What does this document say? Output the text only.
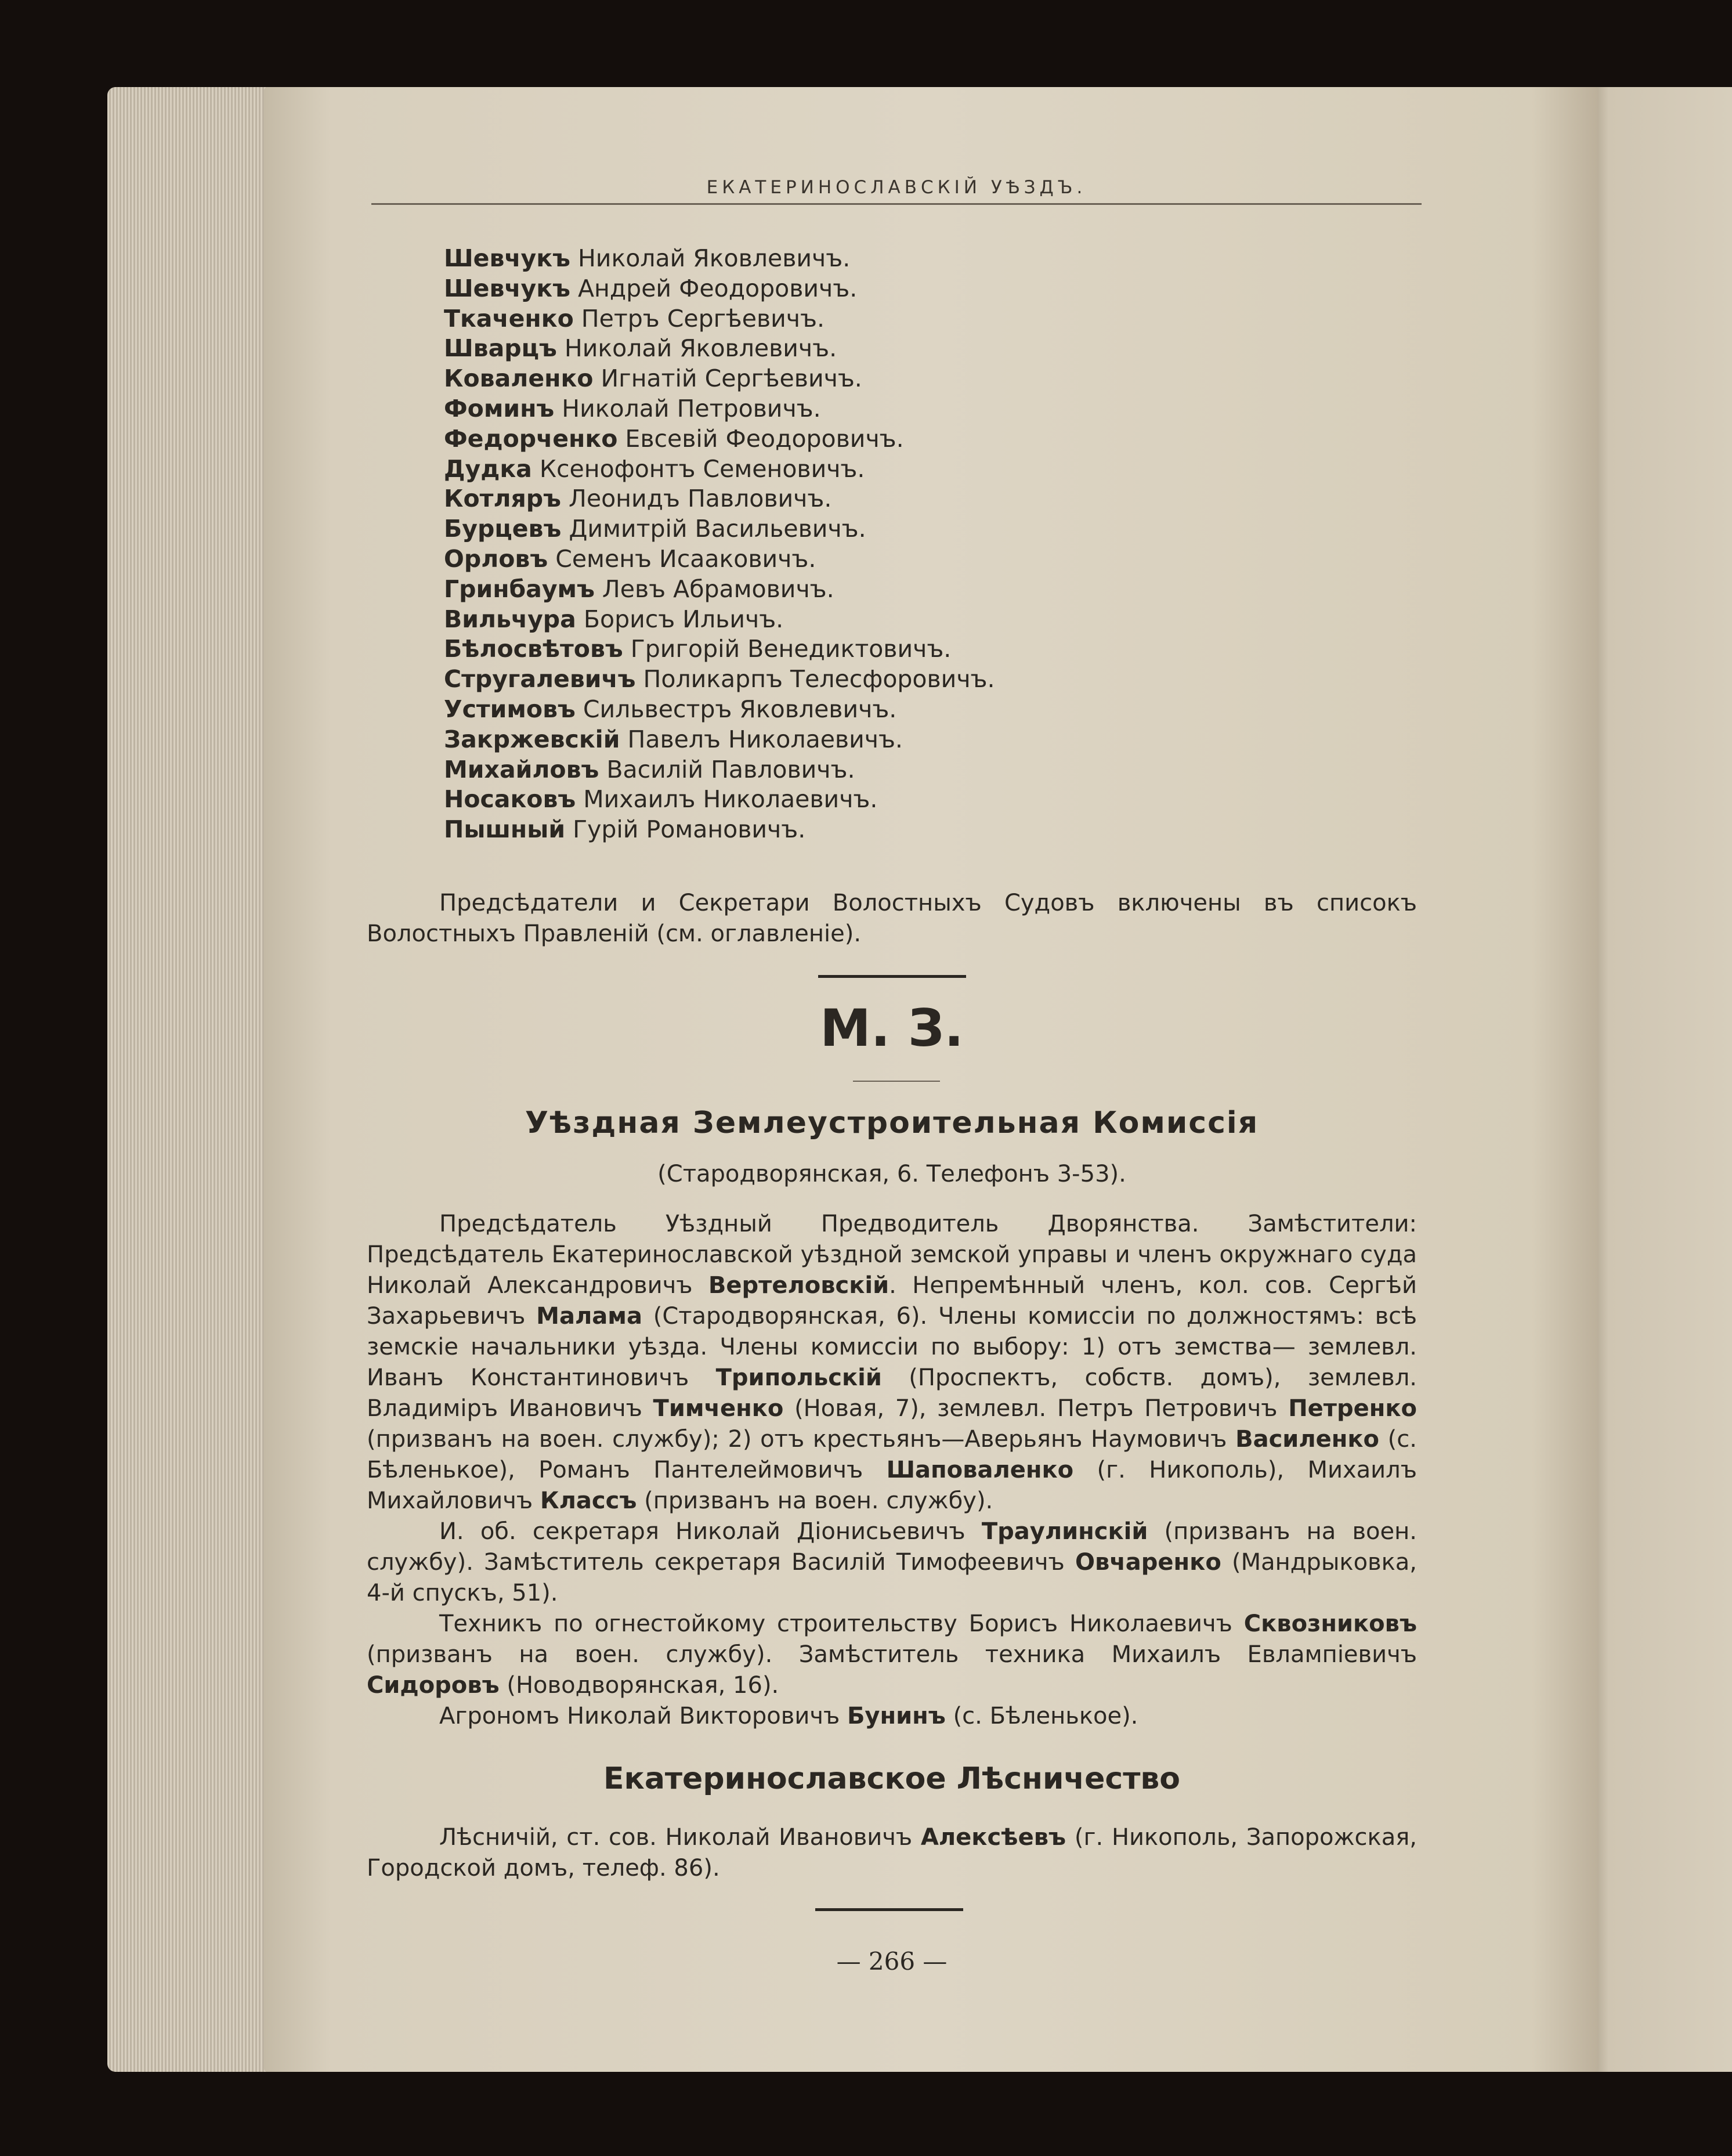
ЕКАТЕРИНОСЛАВСКІЙ УѢЗДЪ.
Шевчукъ Николай Яковлевичъ.
Шевчукъ Андрей Феодоровичъ.
Ткаченко Петръ Сергѣевичъ.
Шварцъ Николай Яковлевичъ.
Коваленко Игнатій Сергѣевичъ.
Фоминъ Николай Петровичъ.
Федорченко Евсевій Феодоровичъ.
Дудка Ксенофонтъ Семеновичъ.
Котляръ Леонидъ Павловичъ.
Бурцевъ Димитрій Васильевичъ.
Орловъ Семенъ Исааковичъ.
Гринбаумъ Левъ Абрамовичъ.
Вильчура Борисъ Ильичъ.
Бѣлосвѣтовъ Григорій Венедиктовичъ.
Стругалевичъ Поликарпъ Телесфоровичъ.
Устимовъ Сильвестръ Яковлевичъ.
Закржевскій Павелъ Николаевичъ.
Михайловъ Василій Павловичъ.
Носаковъ Михаилъ Николаевичъ.
Пышный Гурій Романовичъ.

Предсѣдатели и Секретари Волостныхъ Судовъ включены въ списокъ Волостныхъ Правленій (см. оглавленіе).

М. З.
Уѣздная Землеустроительная Комиссія
(Стародворянская, 6. Телефонъ 3-53).

Предсѣдатель Уѣздный Предводитель Дворянства. Замѣстители: Предсѣдатель Екатеринославской уѣздной земской управы и членъ окружнаго суда Николай Александровичъ Вертеловскій. Непремѣнный членъ, кол. сов. Сергѣй Захарьевичъ Малама (Стародворянская, 6). Члены комиссіи по должностямъ: всѣ земскіе начальники уѣзда. Члены комиссіи по выбору: 1) отъ земства— землевл. Иванъ Константиновичъ Трипольскій (Проспектъ, собств. домъ), землевл. Владиміръ Ивановичъ Тимченко (Новая, 7), землевл. Петръ Петровичъ Петренко (призванъ на воен. службу); 2) отъ крестьянъ—Аверьянъ Наумовичъ Василенко (с. Бѣленькое), Романъ Пантелеймовичъ Шаповаленко (г. Никополь), Михаилъ Михайловичъ Классъ (призванъ на воен. службу).

И. об. секретаря Николай Діонисьевичъ Траулинскій (призванъ на воен. службу). Замѣститель секретаря Василій Тимофеевичъ Овчаренко (Мандрыковка, 4-й спускъ, 51).

Техникъ по огнестойкому строительству Борисъ Николаевичъ Сквозниковъ (призванъ на воен. службу). Замѣститель техника Михаилъ Евлампіевичъ Сидоровъ (Новодворянская, 16).

Агрономъ Николай Викторовичъ Бунинъ (с. Бѣленькое).

Екатеринославское Лѣсничество

Лѣсничій, ст. сов. Николай Ивановичъ Алексѣевъ (г. Никополь, Запорожская, Городской домъ, телеф. 86).

— 266 —
